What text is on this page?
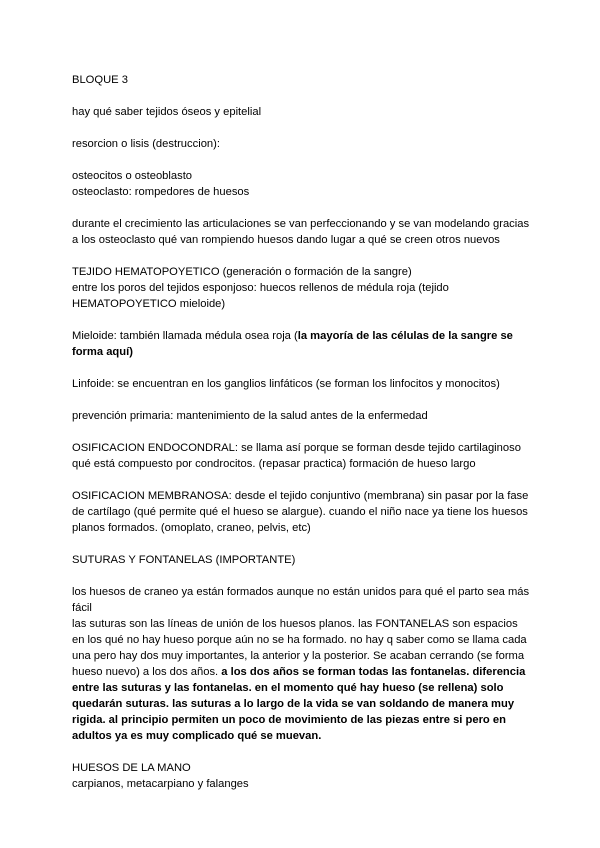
BLOQUE 3
hay qué saber tejidos óseos y epitelial
resorcion o lisis (destruccion):
osteocitos o osteoblasto
osteoclasto: rompedores de huesos
durante el crecimiento las articulaciones se van perfeccionando y se van modelando gracias
a los osteoclasto qué van rompiendo huesos dando lugar a qué se creen otros nuevos
TEJIDO HEMATOPOYETICO (generación o formación de la sangre)
entre los poros del tejidos esponjoso: huecos rellenos de médula roja (tejido
HEMATOPOYETICO mieloide)
Mieloide: también llamada médula osea roja (la mayoría de las células de la sangre se
forma aquí)
Linfoide: se encuentran en los ganglios linfáticos (se forman los linfocitos y monocitos)
prevención primaria: mantenimiento de la salud antes de la enfermedad
OSIFICACION ENDOCONDRAL: se llama así porque se forman desde tejido cartilaginoso
qué está compuesto por condrocitos. (repasar practica) formación de hueso largo
OSIFICACION MEMBRANOSA: desde el tejido conjuntivo (membrana) sin pasar por la fase
de cartílago (qué permite qué el hueso se alargue). cuando el niño nace ya tiene los huesos
planos formados. (omoplato, craneo, pelvis, etc)
SUTURAS Y FONTANELAS (IMPORTANTE)
los huesos de craneo ya están formados aunque no están unidos para qué el parto sea más
fácil
las suturas son las líneas de unión de los huesos planos. las FONTANELAS son espacios
en los qué no hay hueso porque aún no se ha formado. no hay q saber como se llama cada
una pero hay dos muy importantes, la anterior y la posterior. Se acaban cerrando (se forma
hueso nuevo) a los dos años. a los dos años se forman todas las fontanelas. diferencia
entre las suturas y las fontanelas. en el momento qué hay hueso (se rellena) solo
quedarán suturas. las suturas a lo largo de la vida se van soldando de manera muy
rigida. al principio permiten un poco de movimiento de las piezas entre si pero en
adultos ya es muy complicado qué se muevan.
HUESOS DE LA MANO
carpianos, metacarpiano y falanges
